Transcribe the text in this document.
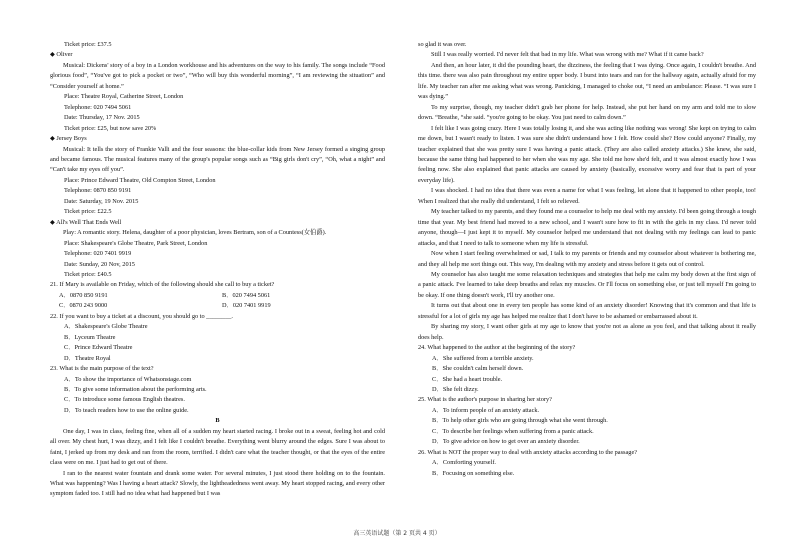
Ticket price: £37.5

◆ Oliver

Musical: Dickens' story of a boy in a London workhouse and his adventures on the way to his family. The songs include “Food glorious food”, “You've got to pick a pocket or two”, “Who will buy this wonderful morning”, “I am reviewing the situation” and “Consider yourself at home.”

Place: Theatre Royal, Catherine Street, London

Telephone: 020 7494 5061

Date: Thursday, 17 Nov. 2015

Ticket price: £25, but now save 20%

◆ Jersey Boys

Musical: It tells the story of Frankie Valli and the four seasons: the blue-collar kids from New Jersey formed a singing group and became famous. The musical features many of the group's popular songs such as “Big girls don't cry”, “Oh, what a night” and “Can't take my eyes off you”.

Place: Prince Edward Theatre, Old Compton Street, London

Telephone: 0870 850 9191

Date: Saturday, 19 Nov. 2015

Ticket price: £22.5

◆ All's Well That Ends Well

Play: A romantic story. Helena, daughter of a poor physician, loves Bertram, son of a Countess(女伯爵).

Place: Shakespeare's Globe Theatre, Park Street, London

Telephone: 020 7401 9919

Date: Sunday, 20 Nov, 2015

Ticket price: £40.5

21. If Mary is available on Friday, which of the following should she call to buy a ticket?

A．0870 850 9191	B．020 7494 5061
C．0870 243 9000	D．020 7401 9919

22. If you want to buy a ticket at a discount, you should go to ________.

A．Shakespeare's Globe Theatre

B．Lyceum Theatre

C．Prince Edward Theatre

D．Theatre Royal

23. What is the main purpose of the text?

A．To show the importance of Whatsonstage.com

B．To give some information about the performing arts.

C．To introduce some famous English theatres.

D．To teach readers how to use the online guide.

B

One day, I was in class, feeling fine, when all of a sudden my heart started racing. I broke out in a sweat, feeling hot and cold all over. My chest hurt, I was dizzy, and I felt like I couldn't breathe. Everything went blurry around the edges. Sure I was about to faint, I jerked up from my desk and ran from the room, terrified. I didn't care what the teacher thought, or that the eyes of the entire class were on me. I just had to get out of there.

I ran to the nearest water fountain and drank some water. For several minutes, I just stood there holding on to the fountain. What was happening? Was I having a heart attack? Slowly, the lightheadedness went away. My heart stopped racing, and every other symptom faded too. I still had no idea what had happened but I was

so glad it was over.

Still I was really worried. I'd never felt that bad in my life. What was wrong with me? What if it came back?

And then, an hour later, it did the pounding heart, the dizziness, the feeling that I was dying. Once again, I couldn't breathe. And this time. there was also pain throughout my entire upper body. I burst into tears and ran for the hallway again, actually afraid for my life. My teacher ran after me asking what was wrong. Panicking, I managed to choke out, “I need an ambulance: Please. “I was sure I was dying.”

To my surprise, though, my teacher didn't grab her phone for help. Instead, she put her hand on my arm and told me to slow down. “Breathe, “she said. “you're going to be okay. You just need to calm down.”

I felt like I was going crazy. Here I was totally losing it, and she was acting like nothing was wrong! She kept on trying to calm me down, but I wasn't ready to listen. I was sure she didn't understand how I felt. How could she? How could anyone? Finally, my teacher explained that she was pretty sure I was having a panic attack. (They are also called anxiety attacks.) She knew, she said, because the same thing had happened to her when she was my age. She told me how she'd felt, and it was almost exactly how I was feeling now. She also explained that panic attacks are caused by anxiety (basically, excessive worry and fear that is part of your everyday life).

I was shocked. I had no idea that there was even a name for what I was feeling, let alone that it happened to other people, too! When I realized that she really did understand, I felt so relieved.

My teacher talked to my parents, and they found me a counselor to help me deal with my anxiety. I'd been going through a tough time that year. My best friend had moved to a new school, and I wasn't sure how to fit in with the girls in my class. I'd never told anyone, though—I just kept it to myself. My counselor helped me understand that not dealing with my feelings can lead to panic attacks, and that I need to talk to someone when my life is stressful.

Now when I start feeling overwhelmed or sad, I talk to my parents or friends and my counselor about whatever is bothering me, and they all help me sort things out. This way, I'm dealing with my anxiety and stress before it gets out of control.

My counselor has also taught me some relaxation techniques and strategies that help me calm my body down at the first sign of a panic attack. I've learned to take deep breaths and relax my muscles. Or I'll focus on something else, or just tell myself I'm going to be okay. If one thing doesn't work, I'll try another one.

It turns out that about one in every ten people has some kind of an anxiety disorder! Knowing that it's common and that life is stressful for a lot of girls my age has helped me realize that I don't have to be ashamed or embarrassed about it.

By sharing my story, I want other girls at my age to know that you're not as alone as you feel, and that talking about it really does help.

24. What happened to the author at the beginning of the story?

A．She suffered from a terrible anxiety.

B．She couldn't calm herself down.

C．She had a heart trouble.

D．She felt dizzy.

25. What is the author's purpose in sharing her story?

A．To inform people of an anxiety attack.

B．To help other girls who are going through what she went through.

C．To describe her feelings when suffering from a panic attack.

D．To give advice on how to get over an anxiety disorder.

26. What is NOT the proper way to deal with anxiety attacks according to the passage?

A．Comforting yourself.

B．Focusing on something else.

高三英语试题（第 2 页共 4 页）
